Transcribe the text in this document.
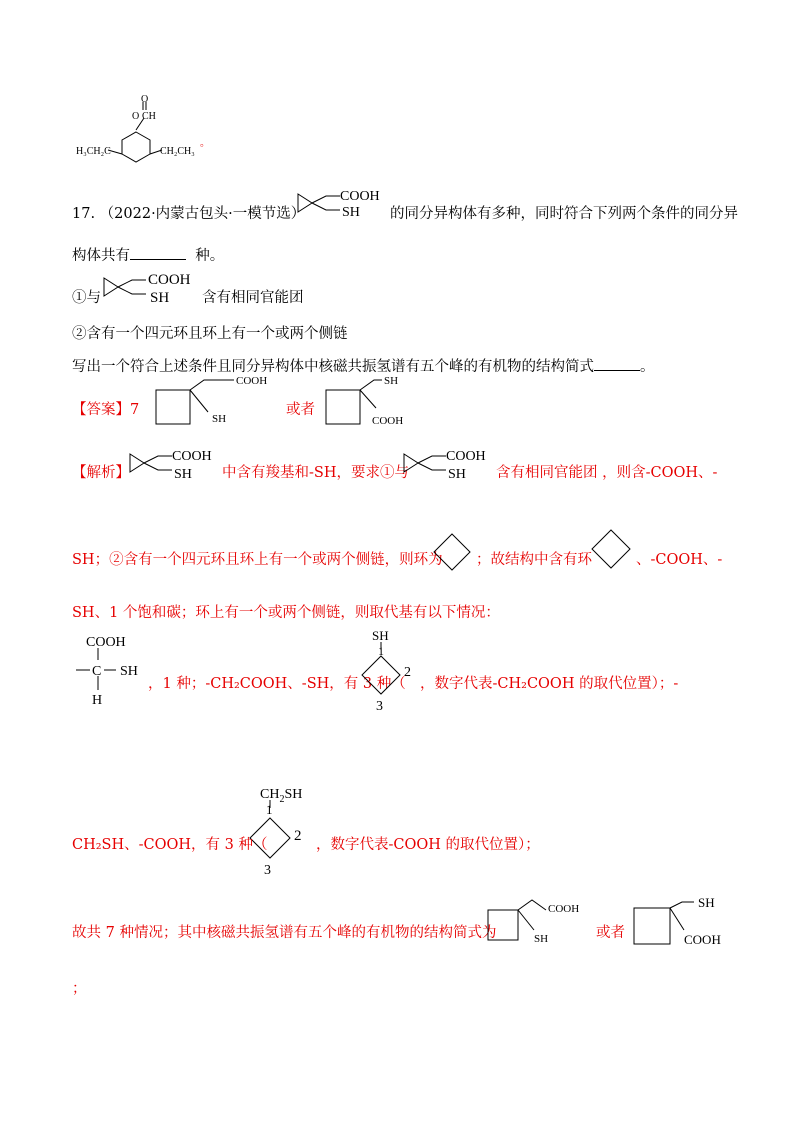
O
O CH
H₃CH₂C	CH₂CH₃
。
17. （2022·内蒙古包头·一模节选）
COOH
SH 的同分异构体有多种，同时符合下列两个条件的同分异
构体共有	种。
①与
COOH
SH 含有相同官能团
②含有一个四元环且环上有一个或两个侧链
写出一个符合上述条件且同分异构体中核磁共振氢谱有五个峰的有机物的结构简式	。
【答案】7
COOH
SH
或者
SH
COOH
【解析】
COOH
SH 中含有羧基和-SH，要求①与
COOH
SH 含有相同官能团 ，则含-COOH、-
SH；②含有一个四元环且环上有一个或两个侧链，则环为 ；故结构中含有环	、-COOH、-
SH、1 个饱和碳；环上有一个或两个侧链，则取代基有以下情况：
COOH
C SH
H
，1 种；-CH₂COOH、-SH，有 3 种（
SH
1
2
3
，数字代表-CH₂COOH 的取代位置）；-
$CH_2SH$
1
2
3
CH₂SH、-COOH，有 3 种（	，数字代表-COOH 的取代位置）；
故共 7 种情况；其中核磁共振氢谱有五个峰的有机物的结构简式为
COOH
SH	或者
SH
COOH
；
